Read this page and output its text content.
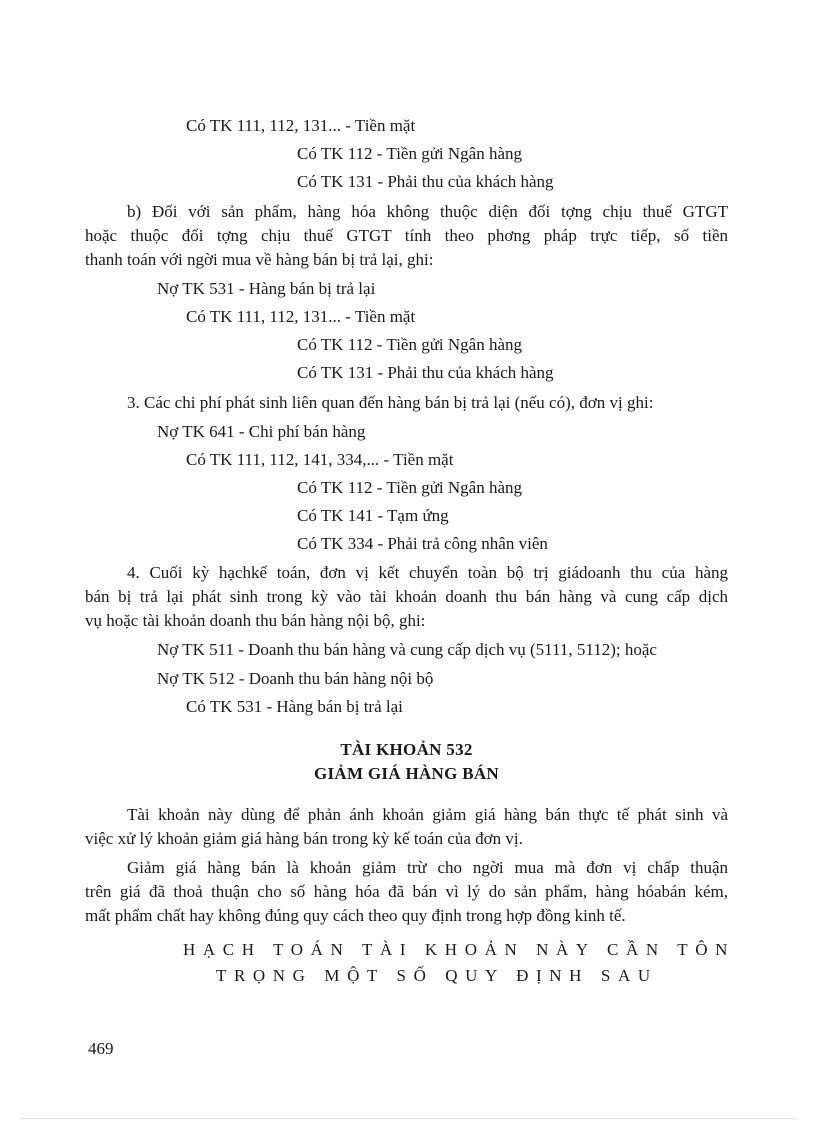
Có TK 111, 112, 131... - Tiền mặt
Có TK 112 - Tiền gửi Ngân hàng
Có TK 131 - Phải thu của khách hàng
b) Đối với sản phẩm, hàng hóa không thuộc diện đối tợng chịu thuế GTGT
hoặc thuộc đối tợng chịu thuế GTGT tính theo phơng pháp trực tiếp, số tiền
thanh toán với ngời mua về hàng bán bị trả lại, ghi:
Nợ TK 531 - Hàng bán bị trả lại
Có TK 111, 112, 131... - Tiền mặt
Có TK 112 - Tiền gửi Ngân hàng
Có TK 131 - Phải thu của khách hàng
3. Các chi phí phát sinh liên quan đến hàng bán bị trả lại (nếu có), đơn vị ghi:
Nợ TK 641 - Chi phí bán hàng
Có TK 111, 112, 141, 334,... - Tiền mặt
Có TK 112 - Tiền gửi Ngân hàng
Có TK 141 - Tạm ứng
Có TK 334 - Phải trả công nhân viên
4. Cuối kỳ hạchkế toán, đơn vị kết chuyển toàn bộ trị giádoanh thu của hàng
bán bị trả lại phát sinh trong kỳ vào tài khoản doanh thu bán hàng và cung cấp dịch
vụ hoặc tài khoản doanh thu bán hàng nội bộ, ghi:
Nợ TK 511 - Doanh thu bán hàng và cung cấp dịch vụ (5111, 5112); hoặc
Nợ TK 512 - Doanh thu bán hàng nội bộ
Có TK 531 - Hàng bán bị trả lại
TÀI KHOẢN 532
GIẢM GIÁ HÀNG BÁN
Tài khoản này dùng để phản ánh khoản giảm giá hàng bán thực tế phát sinh và
việc xử lý khoản giảm giá hàng bán trong kỳ kế toán của đơn vị.
Giảm giá hàng bán là khoản giảm trừ cho ngời mua mà đơn vị chấp thuận
trên giá đã thoả thuận cho số hàng hóa đã bán vì lý do sản phẩm, hàng hóabán kém,
mất phẩm chất hay không đúng quy cách theo quy định trong hợp đồng kinh tế.
HẠCH TOÁN TÀI KHOẢN NÀY CẦN TÔN
TRỌNG MỘT SỐ QUY ĐỊNH SAU
469
